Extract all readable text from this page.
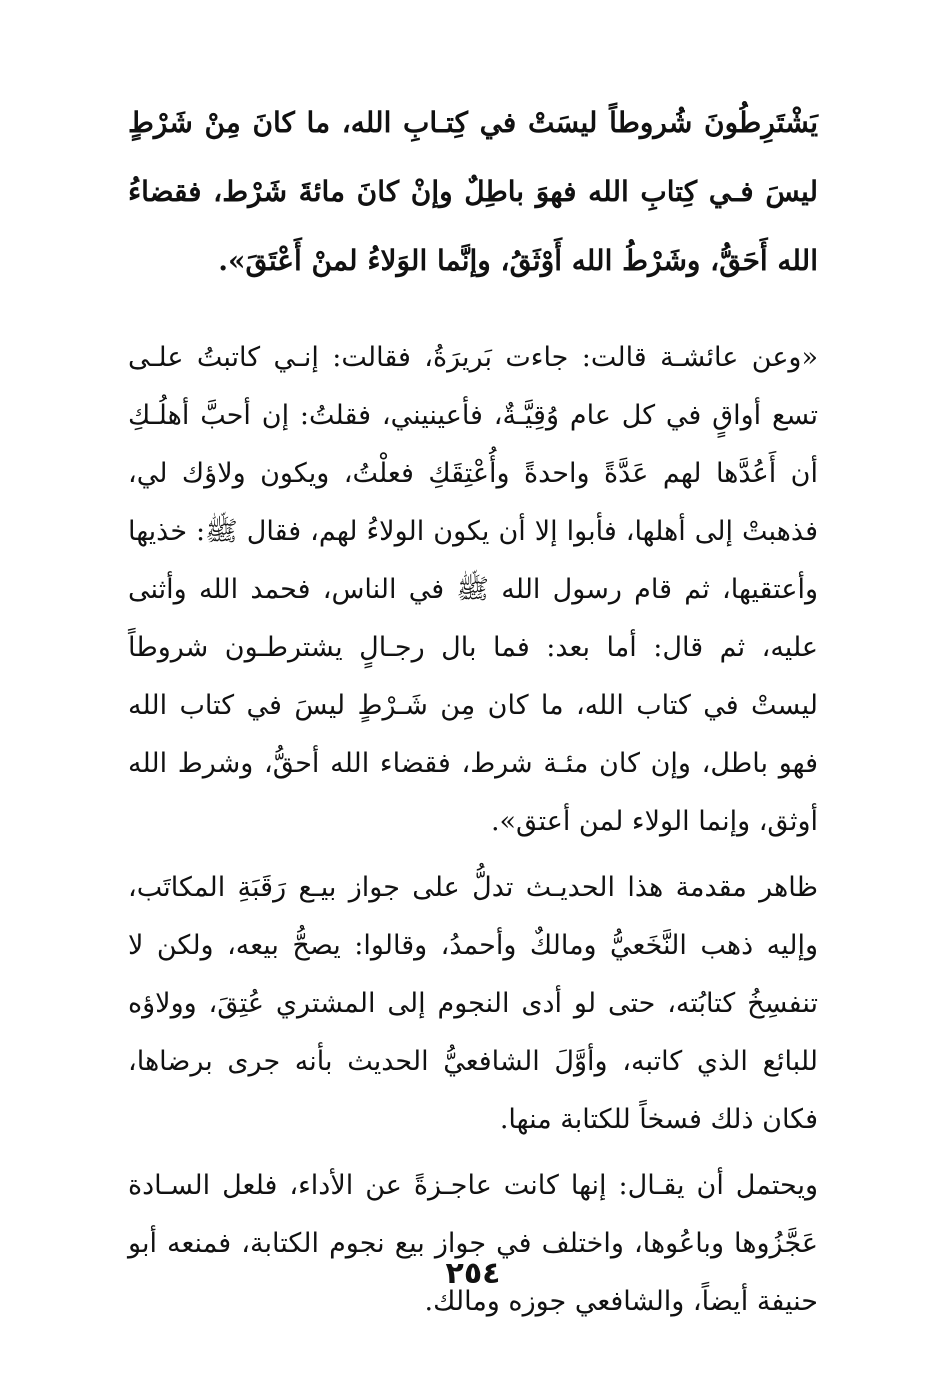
يَشْتَرِطُونَ شُروطاً ليسَتْ في كِتـابِ الله، ما كانَ مِنْ شَرْطٍ ليسَ فـي كِتابِ الله فهوَ باطِلٌ وإنْ كانَ مائةَ شَرْط، فقضاءُ الله أَحَقُّ، وشَرْطُ الله أَوْثَقُ، وإنَّما الوَلاءُ لمنْ أَعْتَقَ».

«وعن عائشـة قالت: جاءت بَريرَةُ، فقالت: إنـي كاتبتُ علـى تسع أواقٍ في كل عام وُقِيَّـةٌ، فأعينيني، فقلتُ: إن أحبَّ أهلُـكِ أن أَعُدَّها لهم عَدَّةً واحدةً وأُعْتِقَكِ فعلْتُ، ويكون ولاؤك لي، فذهبتْ إلى أهلها، فأبوا إلا أن يكون الولاءُ لهم، فقال ﷺ: خذيها وأعتقيها، ثم قام رسول الله ﷺ في الناس، فحمد الله وأثنى عليه، ثم قال: أما بعد: فما بال رجـالٍ يشترطـون شروطاً ليستْ في كتاب الله، ما كان مِن شَـرْطٍ ليسَ في كتاب الله فهو باطل، وإن كان مئـة شرط، فقضاء الله أحقُّ، وشرط الله أوثق، وإنما الولاء لمن أعتق».

ظاهر مقدمة هذا الحديـث تدلُّ على جواز بيـع رَقَبَةِ المكاتَب، وإليه ذهب النَّخَعيُّ ومالكٌ وأحمدُ، وقالوا: يصحُّ بيعه، ولكن لا تنفسِخُ كتابُته، حتى لو أدى النجوم إلى المشتري عُتِقَ، وولاؤه للبائع الذي كاتبه، وأوَّلَ الشافعيُّ الحديث بأنه جرى برضاها، فكان ذلك فسخاً للكتابة منها.

ويحتمل أن يقـال: إنها كانت عاجـزةً عن الأداء، فلعل السـادة عَجَّزُوها وباعُوها، واختلف في جواز بيع نجوم الكتابة، فمنعه أبو حنيفة أيضاً، والشافعي جوزه ومالك.

٢٥٤
